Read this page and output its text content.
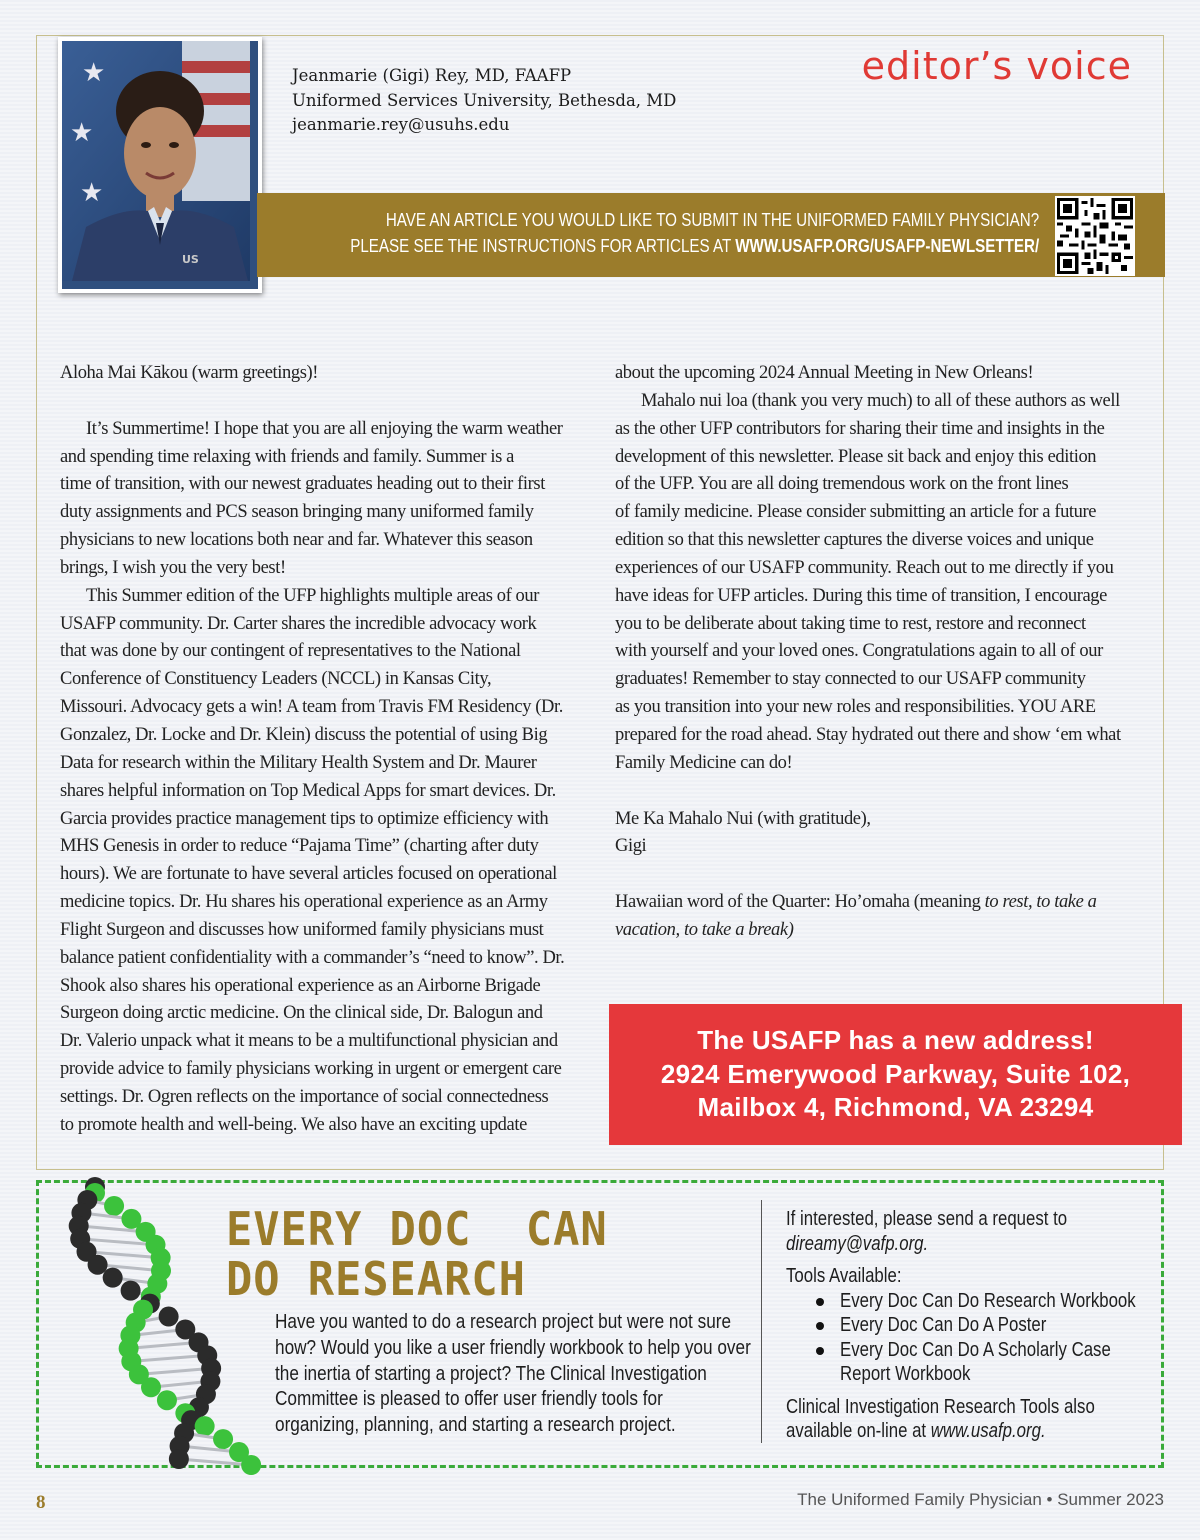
★
★
★
US
Jeanmarie (Gigi) Rey, MD, FAAFP
Uniformed Services University, Bethesda, MD
jeanmarie.rey@usuhs.edu
editor’s voice
HAVE AN ARTICLE YOU WOULD LIKE TO SUBMIT IN THE UNIFORMED FAMILY PHYSICIAN?
PLEASE SEE THE INSTRUCTIONS FOR ARTICLES AT WWW.USAFP.ORG/USAFP-NEWLSETTER/

Aloha Mai Kākou (warm greetings)!

It’s Summertime! I hope that you are all enjoying the warm weather

and spending time relaxing with friends and family. Summer is a

time of transition, with our newest graduates heading out to their first

duty assignments and PCS season bringing many uniformed family

physicians to new locations both near and far. Whatever this season

brings, I wish you the very best!

This Summer edition of the UFP highlights multiple areas of our

USAFP community. Dr. Carter shares the incredible advocacy work

that was done by our contingent of representatives to the National

Conference of Constituency Leaders (NCCL) in Kansas City,

Missouri. Advocacy gets a win! A team from Travis FM Residency (Dr.

Gonzalez, Dr. Locke and Dr. Klein) discuss the potential of using Big

Data for research within the Military Health System and Dr. Maurer

shares helpful information on Top Medical Apps for smart devices. Dr.

Garcia provides practice management tips to optimize efficiency with

MHS Genesis in order to reduce “Pajama Time” (charting after duty

hours). We are fortunate to have several articles focused on operational

medicine topics. Dr. Hu shares his operational experience as an Army

Flight Surgeon and discusses how uniformed family physicians must

balance patient confidentiality with a commander’s “need to know”. Dr.

Shook also shares his operational experience as an Airborne Brigade

Surgeon doing arctic medicine. On the clinical side, Dr. Balogun and

Dr. Valerio unpack what it means to be a multifunctional physician and

provide advice to family physicians working in urgent or emergent care

settings. Dr. Ogren reflects on the importance of social connectedness

to promote health and well-being. We also have an exciting update

about the upcoming 2024 Annual Meeting in New Orleans!

Mahalo nui loa (thank you very much) to all of these authors as well

as the other UFP contributors for sharing their time and insights in the

development of this newsletter. Please sit back and enjoy this edition

of the UFP. You are all doing tremendous work on the front lines

of family medicine. Please consider submitting an article for a future

edition so that this newsletter captures the diverse voices and unique

experiences of our USAFP community. Reach out to me directly if you

have ideas for UFP articles. During this time of transition, I encourage

you to be deliberate about taking time to rest, restore and reconnect

with yourself and your loved ones. Congratulations again to all of our

graduates! Remember to stay connected to our USAFP community

as you transition into your new roles and responsibilities. YOU ARE

prepared for the road ahead. Stay hydrated out there and show ‘em what

Family Medicine can do!

Me Ka Mahalo Nui (with gratitude),

Gigi

Hawaiian word of the Quarter: Ho’omaha (meaning to rest, to take a

vacation, to take a break)

The USAFP has a new address!
2924 Emerywood Parkway, Suite 102,
Mailbox 4, Richmond, VA 23294
EVERY DOC  CAN
DO RESEARCH
Have you wanted to do a research project but were not sure
how? Would you like a user friendly workbook to help you over
the inertia of starting a project? The Clinical Investigation
Committee is pleased to offer user friendly tools for
organizing, planning, and starting a research project.
If interested, please send a request to
direamy@vafp.org.
Tools Available:
Every Doc Can Do Research Workbook
Every Doc Can Do A Poster
Every Doc Can Do A Scholarly Case
Report Workbook
Clinical Investigation Research Tools also
available on-line at www.usafp.org.
8	The Uniformed Family Physician • Summer 2023
